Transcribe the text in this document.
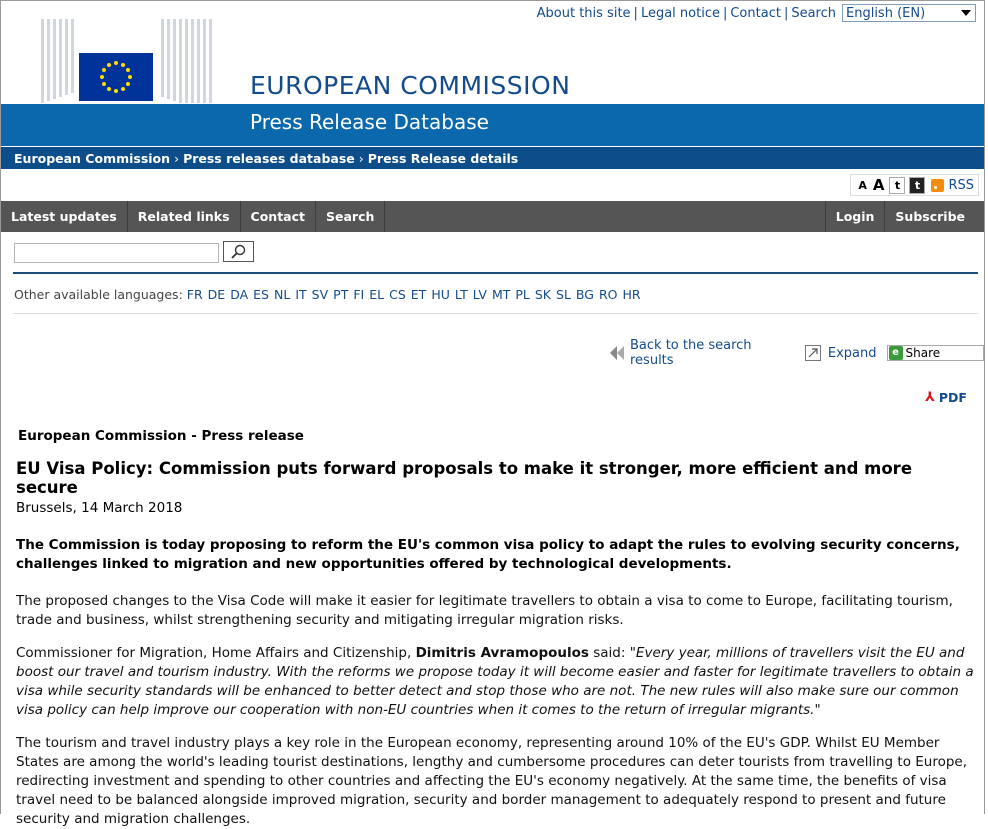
About this site | Legal notice | Contact | Search English (EN)
EUROPEAN COMMISSION
Press Release Database
European Commission › Press releases database › Press Release details
A A t	t	RSS
Latest updates	Related links	Contact	Search	Login	Subscribe
Other available languages: FR DE DA ES NL IT SV PT FI EL CS ET HU LT LV MT PL SK SL BG RO HR
Back to the search results	Expand	e Share
⅄ PDF
European Commission - Press release
EU Visa Policy: Commission puts forward proposals to make it stronger, more efficient and more secure
Brussels, 14 March 2018
The Commission is today proposing to reform the EU's common visa policy to adapt the rules to evolving security concerns, challenges linked to migration and new opportunities offered by technological developments.
The proposed changes to the Visa Code will make it easier for legitimate travellers to obtain a visa to come to Europe, facilitating tourism, trade and business, whilst strengthening security and mitigating irregular migration risks.
Commissioner for Migration, Home Affairs and Citizenship, Dimitris Avramopoulos said: "Every year, millions of travellers visit the EU and boost our travel and tourism industry. With the reforms we propose today it will become easier and faster for legitimate travellers to obtain a visa while security standards will be enhanced to better detect and stop those who are not. The new rules will also make sure our common visa policy can help improve our cooperation with non-EU countries when it comes to the return of irregular migrants."
The tourism and travel industry plays a key role in the European economy, representing around 10% of the EU's GDP. Whilst EU Member States are among the world's leading tourist destinations, lengthy and cumbersome procedures can deter tourists from travelling to Europe, redirecting investment and spending to other countries and affecting the EU's economy negatively. At the same time, the benefits of visa travel need to be balanced alongside improved migration, security and border management to adequately respond to present and future security and migration challenges.
